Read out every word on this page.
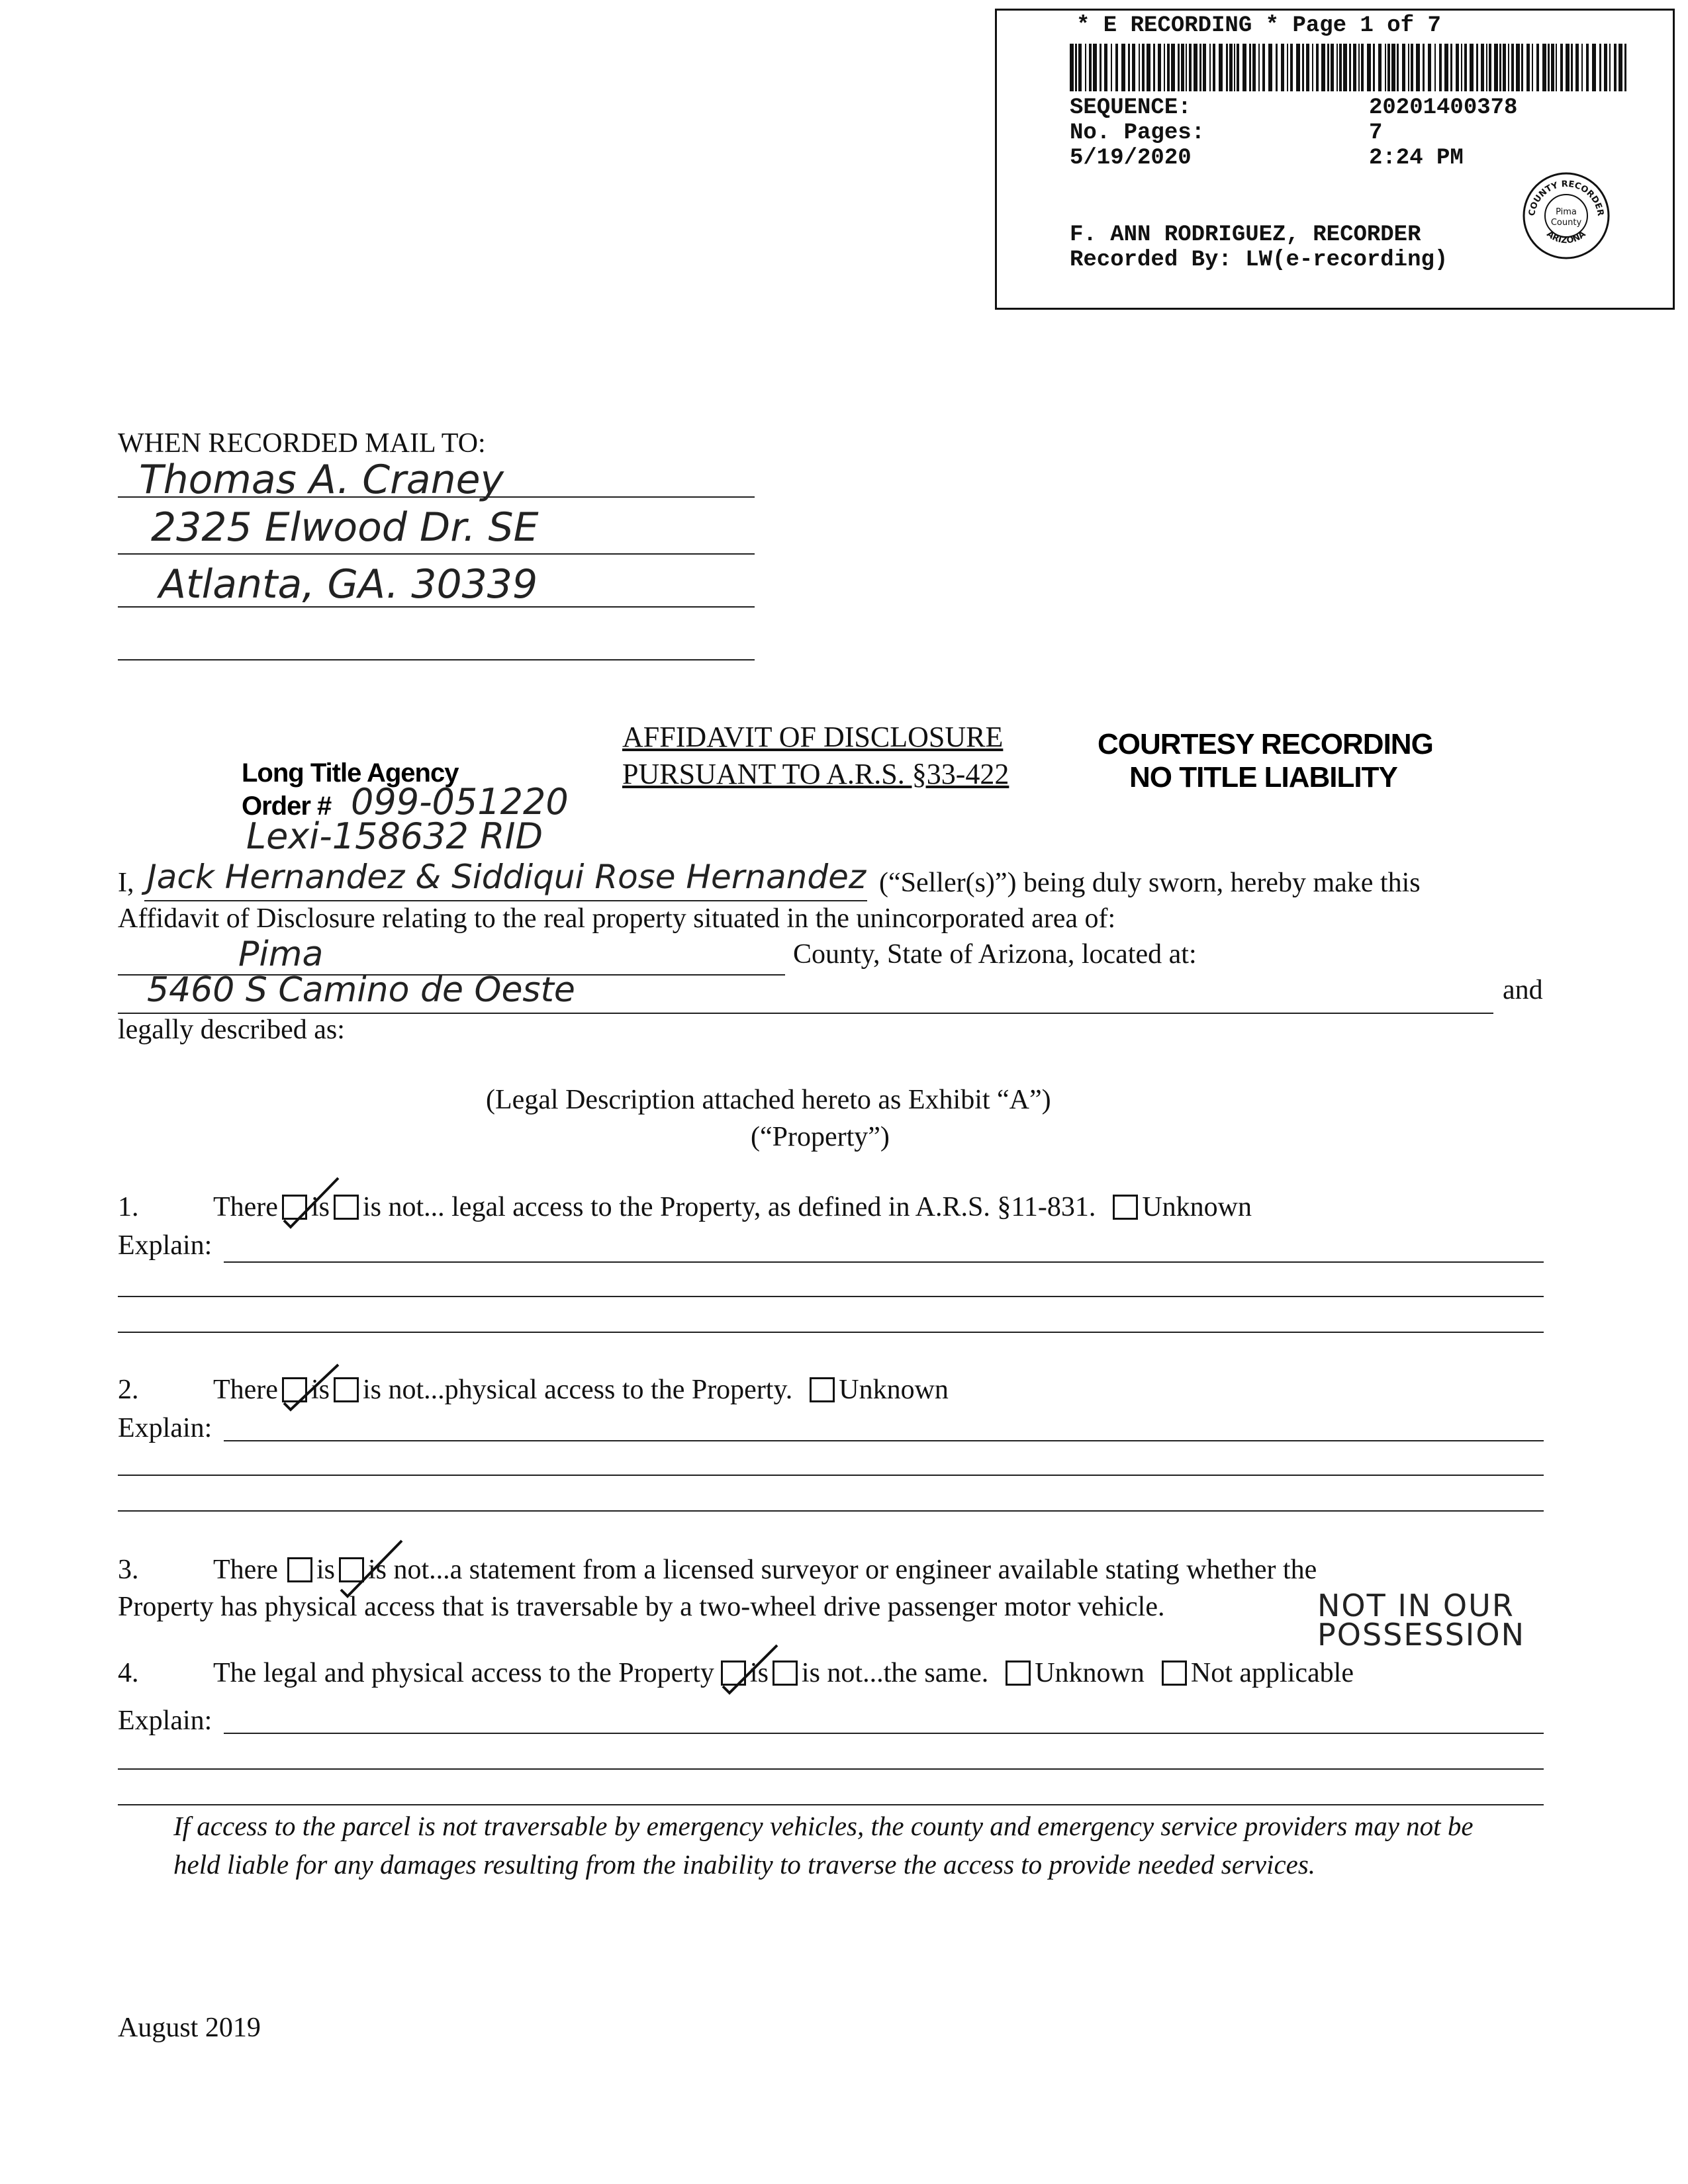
* E RECORDING * Page 1 of 7
SEQUENCE:	20201400378
No. Pages:	7
5/19/2020	2:24 PM
F. ANN RODRIGUEZ, RECORDER
Recorded By: LW(e-recording)
COUNTY RECORDER
ARIZONA
Pima
County
WHEN RECORDED MAIL TO:
Thomas A. Craney
2325 Elwood Dr. SE
Atlanta, GA. 30339
Long Title Agency
Order # 099-051220
Lexi-158632 RID
AFFIDAVIT OF DISCLOSURE
PURSUANT TO A.R.S. §33-422
COURTESY RECORDING
NO TITLE LIABILITY
I, Jack Hernandez & Siddiqui Rose Hernandez (“Seller(s)”) being duly sworn, hereby make this
Affidavit of Disclosure relating to the real property situated in the unincorporated area of:
Pima	County, State of Arizona, located at:
5460 S Camino de Oeste	and
legally described as:
(Legal Description attached hereto as Exhibit “A”)
(“Property”)
1.	There is is not... legal access to the Property, as defined in A.R.S. §11-831. Unknown
Explain:
2.	There is is not...physical access to the Property. Unknown
Explain:
3.	There is is not...a statement from a licensed surveyor or engineer available stating whether the
Property has physical access that is traversable by a two-wheel drive passenger motor vehicle.	NOT IN OUR POSSESSION
4.	The legal and physical access to the Property is is not...the same. Unknown Not applicable
Explain:
If access to the parcel is not traversable by emergency vehicles, the county and emergency service providers may not be held liable for any damages resulting from the inability to traverse the access to provide needed services.
August 2019
